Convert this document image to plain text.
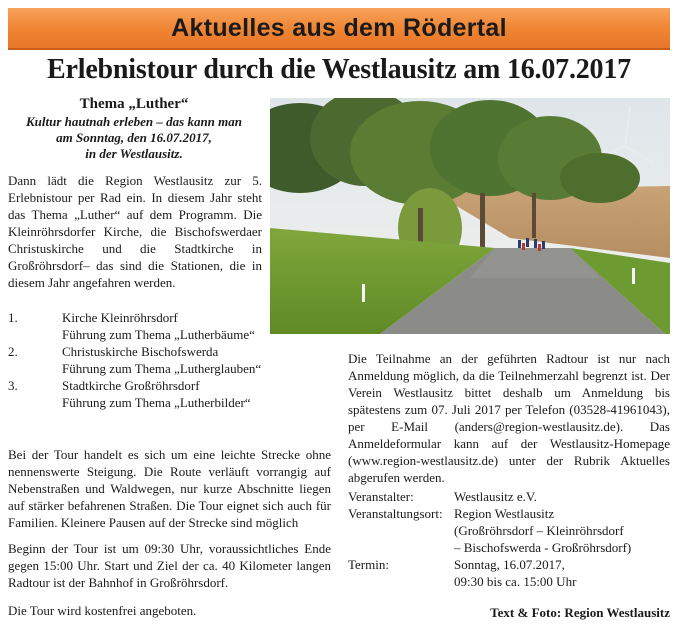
Aktuelles aus dem Rödertal
Erlebnistour durch die Westlausitz am 16.07.2017
Thema „Luther“
Kultur hautnah erleben – das kann man
am Sonntag, den 16.07.2017,
in der Westlausitz.
Dann lädt die Region Westlausitz zur 5. Erlebnistour per Rad ein. In diesem Jahr steht das Thema „Luther“ auf dem Programm. Die Kleinröhrsdorfer Kirche, die Bischofswerdaer Christuskirche und die Stadtkirche in Großröhrsdorf– das sind die Stationen, die in diesem Jahr angefahren werden.
1.	Kirche Kleinröhrsdorf
Führung zum Thema „Lutherbäume“
2.	Christuskirche Bischofswerda
Führung zum Thema „Lutherglauben“
3.	Stadtkirche Großröhrsdorf
Führung zum Thema „Lutherbilder“
Bei der Tour handelt es sich um eine leichte Strecke ohne nennenswerte Steigung. Die Route verläuft vorrangig auf Nebenstraßen und Waldwegen, nur kurze Abschnitte liegen auf stärker befahrenen Straßen. Die Tour eignet sich auch für Familien. Kleinere Pausen auf der Strecke sind möglich
Beginn der Tour ist um 09:30 Uhr, voraussichtliches Ende gegen 15:00 Uhr. Start und Ziel der ca. 40 Kilometer langen Radtour ist der Bahnhof in Großröhrsdorf.
Die Tour wird kostenfrei angeboten.
Die Teilnahme an der geführten Radtour ist nur nach Anmeldung möglich, da die Teilnehmerzahl begrenzt ist. Der Verein Westlausitz bittet deshalb um Anmeldung bis spätestens zum 07. Juli 2017 per Telefon (03528-41961043), per E-Mail (anders@region-westlausitz.de). Das Anmeldeformular kann auf der Westlausitz-Homepage (www.region-westlausitz.de) unter der Rubrik Aktuelles abgerufen werden.
Veranstalter:	Westlausitz e.V.
Veranstaltungsort: Region Westlausitz
(Großröhrsdorf – Kleinröhrsdorf
– Bischofswerda - Großröhrsdorf)
Termin:	Sonntag, 16.07.2017,
09:30 bis ca. 15:00 Uhr
Text & Foto: Region Westlausitz
